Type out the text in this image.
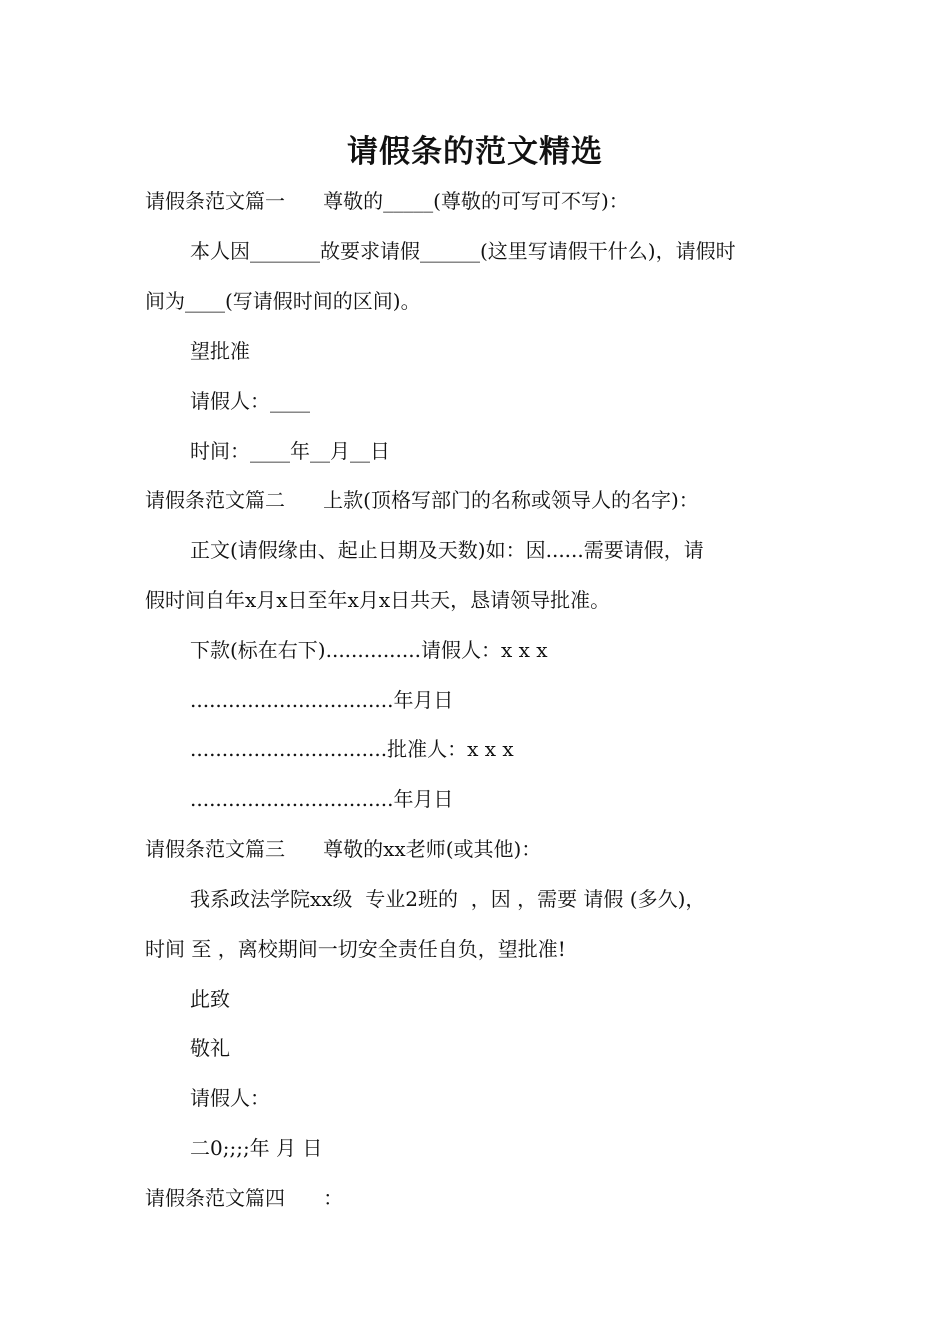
请假条的范文精选
请假条范文篇一      尊敬的_____(尊敬的可写可不写)：
本人因_______故要求请假______(这里写请假干什么)，请假时
间为____(写请假时间的区间)。
望批准
请假人：____
时间：____年__月__日
请假条范文篇二      上款(顶格写部门的名称或领导人的名字)：
正文(请假缘由、起止日期及天数)如：因......需要请假，请
假时间自年x月x日至年x月x日共天，恳请领导批准。
下款(标在右下)...............请假人：x x x
................................年月日
...............................批准人：x x x
................................年月日
请假条范文篇三      尊敬的xx老师(或其他)：
我系政法学院xx级  专业2班的  ，因 ，需要 请假 (多久)，
时间 至 ，离校期间一切安全责任自负，望批准!
此致
敬礼
请假人：
二0;;;;年 月 日
请假条范文篇四      ：
